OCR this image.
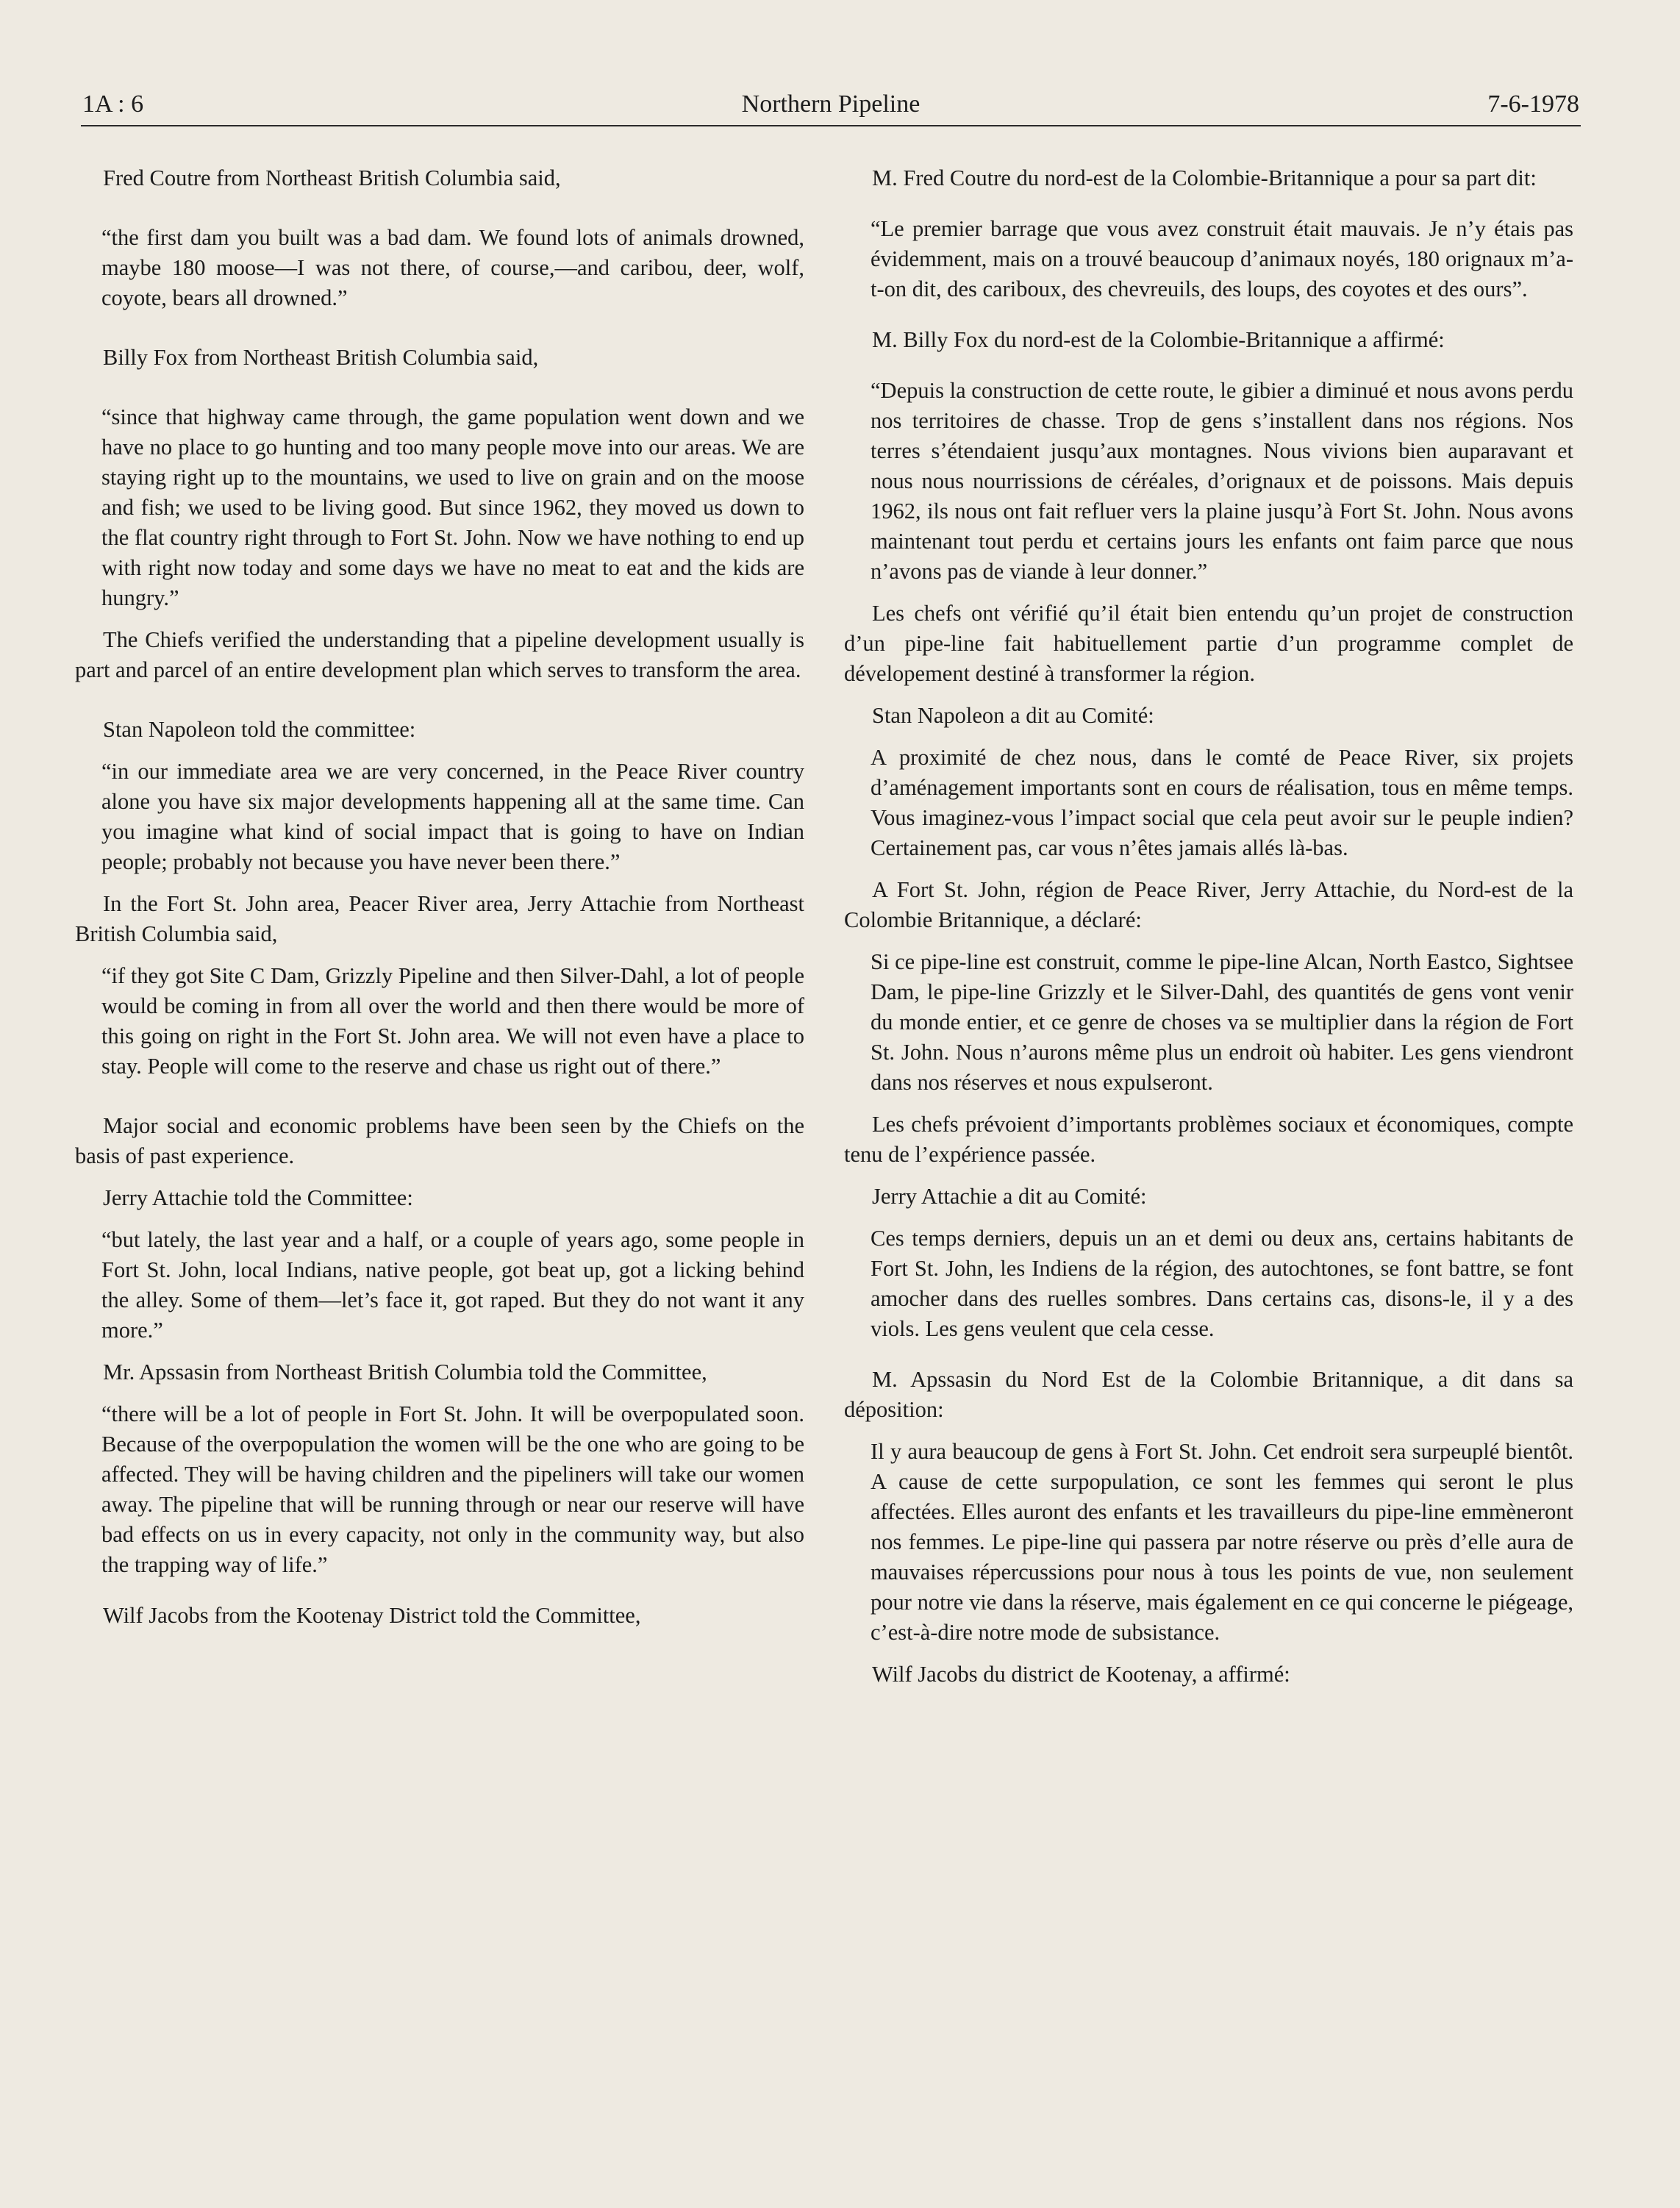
1A : 6	Northern Pipeline	7-6-1978

Fred Coutre from Northeast British Columbia said,

“the first dam you built was a bad dam. We found lots of animals drowned, maybe 180 moose—I was not there, of course,—and caribou, deer, wolf, coyote, bears all drowned.”

Billy Fox from Northeast British Columbia said,

“since that highway came through, the game population went down and we have no place to go hunting and too many people move into our areas. We are staying right up to the mountains, we used to live on grain and on the moose and fish; we used to be living good. But since 1962, they moved us down to the flat country right through to Fort St. John. Now we have nothing to end up with right now today and some days we have no meat to eat and the kids are hungry.”

The Chiefs verified the understanding that a pipeline development usually is part and parcel of an entire development plan which serves to transform the area.

Stan Napoleon told the committee:

“in our immediate area we are very concerned, in the Peace River country alone you have six major developments happening all at the same time. Can you imagine what kind of social impact that is going to have on Indian people; probably not because you have never been there.”

In the Fort St. John area, Peacer River area, Jerry Attachie from Northeast British Columbia said,

“if they got Site C Dam, Grizzly Pipeline and then Silver-Dahl, a lot of people would be coming in from all over the world and then there would be more of this going on right in the Fort St. John area. We will not even have a place to stay. People will come to the reserve and chase us right out of there.”

Major social and economic problems have been seen by the Chiefs on the basis of past experience.

Jerry Attachie told the Committee:

“but lately, the last year and a half, or a couple of years ago, some people in Fort St. John, local Indians, native people, got beat up, got a licking behind the alley. Some of them—let’s face it, got raped. But they do not want it any more.”

Mr. Apssasin from Northeast British Columbia told the Committee,

“there will be a lot of people in Fort St. John. It will be overpopulated soon. Because of the overpopulation the women will be the one who are going to be affected. They will be having children and the pipeliners will take our women away. The pipeline that will be running through or near our reserve will have bad effects on us in every capacity, not only in the community way, but also the trapping way of life.”

Wilf Jacobs from the Kootenay District told the Committee,

M. Fred Coutre du nord-est de la Colombie-Britannique a pour sa part dit:

“Le premier barrage que vous avez construit était mauvais. Je n’y étais pas évidemment, mais on a trouvé beaucoup d’animaux noyés, 180 orignaux m’a-t-on dit, des cariboux, des chevreuils, des loups, des coyotes et des ours”.

M. Billy Fox du nord-est de la Colombie-Britannique a affirmé:

“Depuis la construction de cette route, le gibier a diminué et nous avons perdu nos territoires de chasse. Trop de gens s’installent dans nos régions. Nos terres s’étendaient jusqu’aux montagnes. Nous vivions bien auparavant et nous nous nourrissions de céréales, d’orignaux et de poissons. Mais depuis 1962, ils nous ont fait refluer vers la plaine jusqu’à Fort St. John. Nous avons maintenant tout perdu et certains jours les enfants ont faim parce que nous n’avons pas de viande à leur donner.”

Les chefs ont vérifié qu’il était bien entendu qu’un projet de construction d’un pipe-line fait habituellement partie d’un programme complet de dévelopement destiné à transformer la région.

Stan Napoleon a dit au Comité:

A proximité de chez nous, dans le comté de Peace River, six projets d’aménagement importants sont en cours de réalisation, tous en même temps. Vous imaginez-vous l’impact social que cela peut avoir sur le peuple indien? Certainement pas, car vous n’êtes jamais allés là-bas.

A Fort St. John, région de Peace River, Jerry Attachie, du Nord-est de la Colombie Britannique, a déclaré:

Si ce pipe-line est construit, comme le pipe-line Alcan, North Eastco, Sightsee Dam, le pipe-line Grizzly et le Silver-Dahl, des quantités de gens vont venir du monde entier, et ce genre de choses va se multiplier dans la région de Fort St. John. Nous n’aurons même plus un endroit où habiter. Les gens viendront dans nos réserves et nous expulseront.

Les chefs prévoient d’importants problèmes sociaux et économiques, compte tenu de l’expérience passée.

Jerry Attachie a dit au Comité:

Ces temps derniers, depuis un an et demi ou deux ans, certains habitants de Fort St. John, les Indiens de la région, des autochtones, se font battre, se font amocher dans des ruelles sombres. Dans certains cas, disons-le, il y a des viols. Les gens veulent que cela cesse.

M. Apssasin du Nord Est de la Colombie Britannique, a dit dans sa déposition:

Il y aura beaucoup de gens à Fort St. John. Cet endroit sera surpeuplé bientôt. A cause de cette surpopulation, ce sont les femmes qui seront le plus affectées. Elles auront des enfants et les travailleurs du pipe-line emmèneront nos femmes. Le pipe-line qui passera par notre réserve ou près d’elle aura de mauvaises répercussions pour nous à tous les points de vue, non seulement pour notre vie dans la réserve, mais également en ce qui concerne le piégeage, c’est-à-dire notre mode de subsistance.

Wilf Jacobs du district de Kootenay, a affirmé:
